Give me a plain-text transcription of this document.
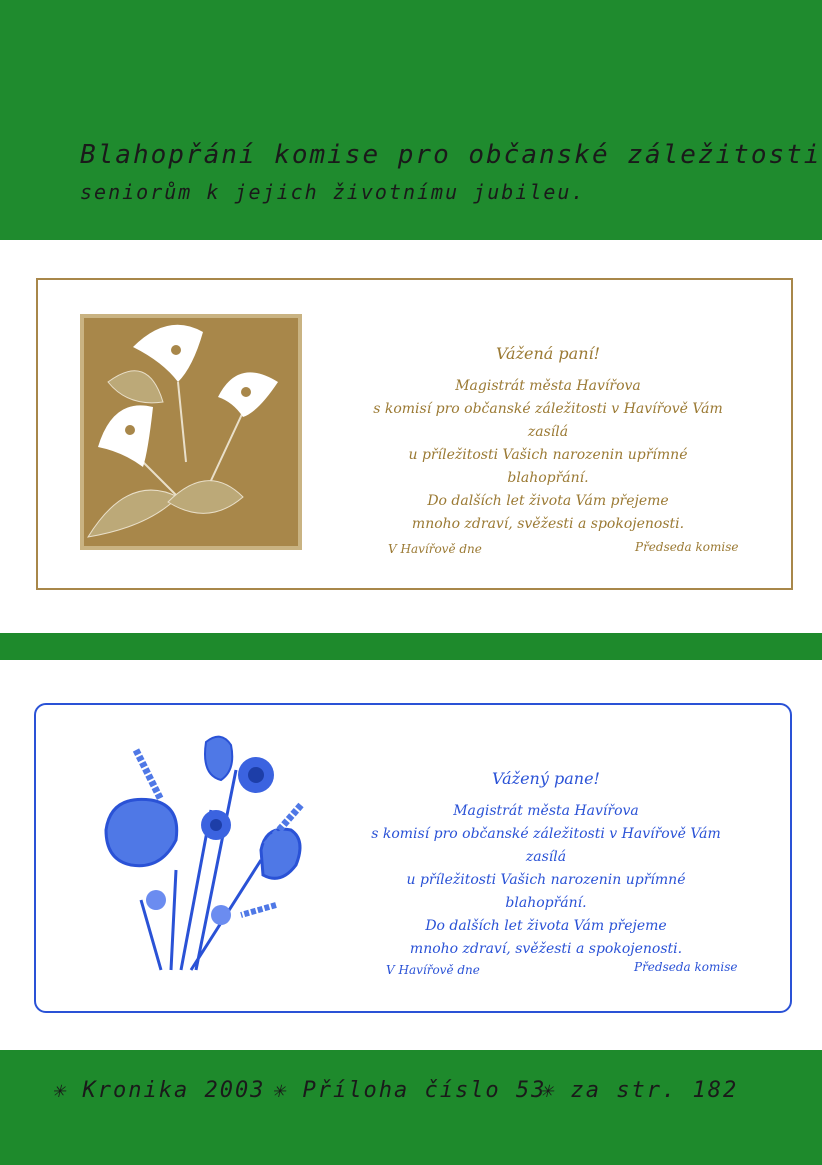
Blahopřání komise pro občanské záležitosti
seniorům k jejich životnímu jubileu.
Vážená paní!
Magistrát města Havířova
s komisí pro občanské záležitosti v Havířově Vám zasílá
u příležitosti Vašich narozenin upřímné blahopřání.
Do dalších let života Vám přejeme
mnoho zdraví, svěžesti a spokojenosti.
V Havířově dne	Předseda komise
Vážený pane!
Magistrát města Havířova
s komisí pro občanské záležitosti v Havířově Vám zasílá
u příležitosti Vašich narozenin upřímné blahopřání.
Do dalších let života Vám přejeme
mnoho zdraví, svěžesti a spokojenosti.
V Havířově dne	Předseda komise
✳ Kronika 2003 ✳ Příloha číslo 53
✳ za str. 182
